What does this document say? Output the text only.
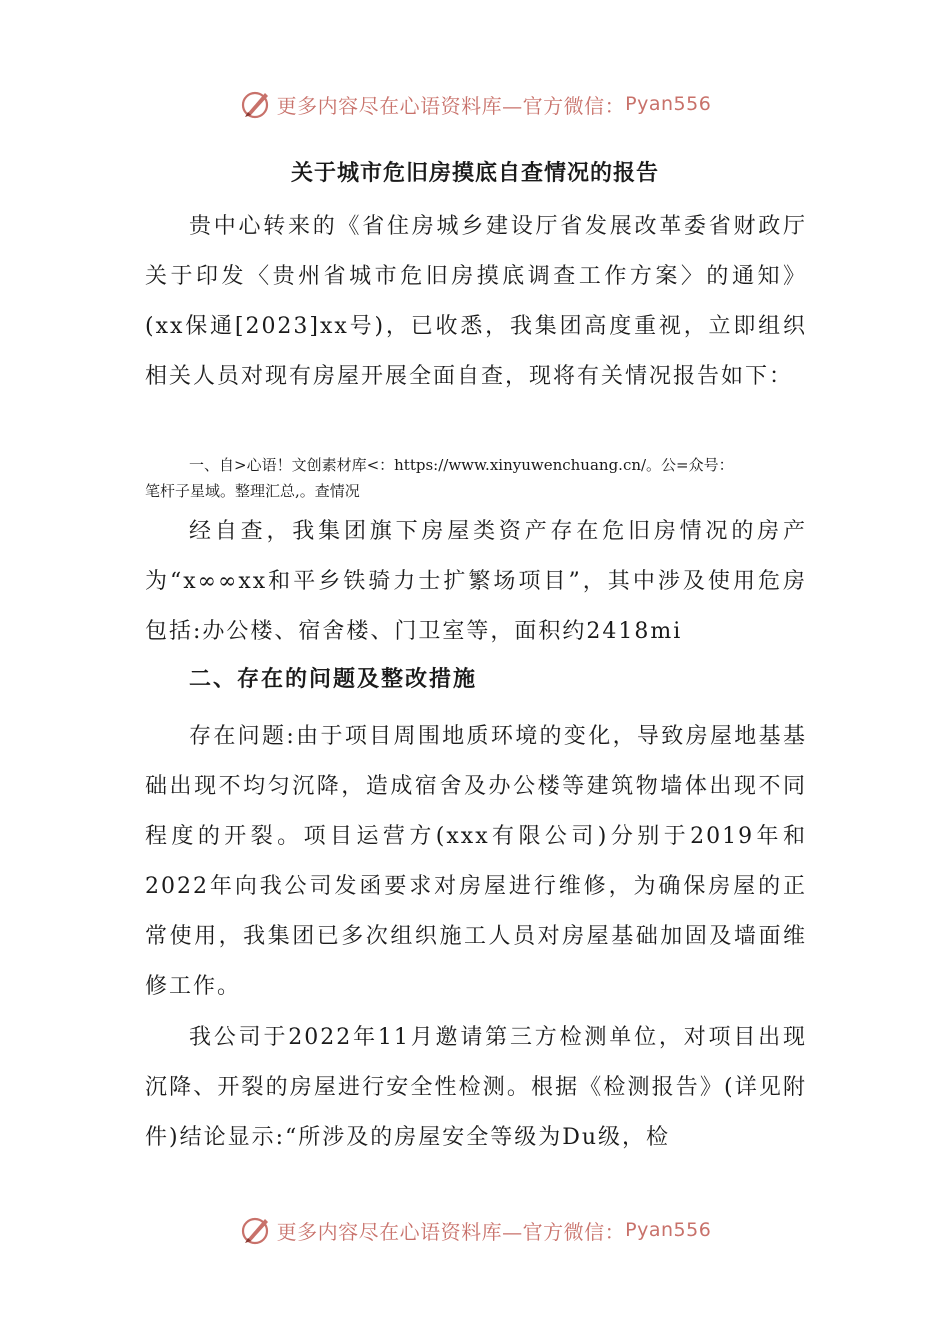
更多内容尽在心语资料库—官方微信： Pyan556
关于城市危旧房摸底自查情况的报告

贵中心转来的《省住房城乡建设厅省发展改革委省财政厅关于印发〈贵州省城市危旧房摸底调查工作方案〉的通知》(xx保通[2023]xx号)，已收悉，我集团高度重视，立即组织相关人员对现有房屋开展全面自查，现将有关情况报告如下：

一、自>心语！文创素材库<：https://www.xinyuwenchuang.cn/。公=众号：
笔杆子星域。整理汇总,。查情况

经自查，我集团旗下房屋类资产存在危旧房情况的房产为“x∞∞xx和平乡铁骑力士扩繁场项目”，其中涉及使用危房包括:办公楼、宿舍楼、门卫室等，面积约2418mi

二、存在的问题及整改措施

存在问题:由于项目周围地质环境的变化，导致房屋地基基础出现不均匀沉降，造成宿舍及办公楼等建筑物墙体出现不同程度的开裂。项目运营方(xxx有限公司)分别于2019年和2022年向我公司发函要求对房屋进行维修，为确保房屋的正常使用，我集团已多次组织施工人员对房屋基础加固及墙面维修工作。

我公司于2022年11月邀请第三方检测单位，对项目出现沉降、开裂的房屋进行安全性检测。根据《检测报告》(详见附件)结论显示:“所涉及的房屋安全等级为Du级，检

更多内容尽在心语资料库—官方微信： Pyan556
